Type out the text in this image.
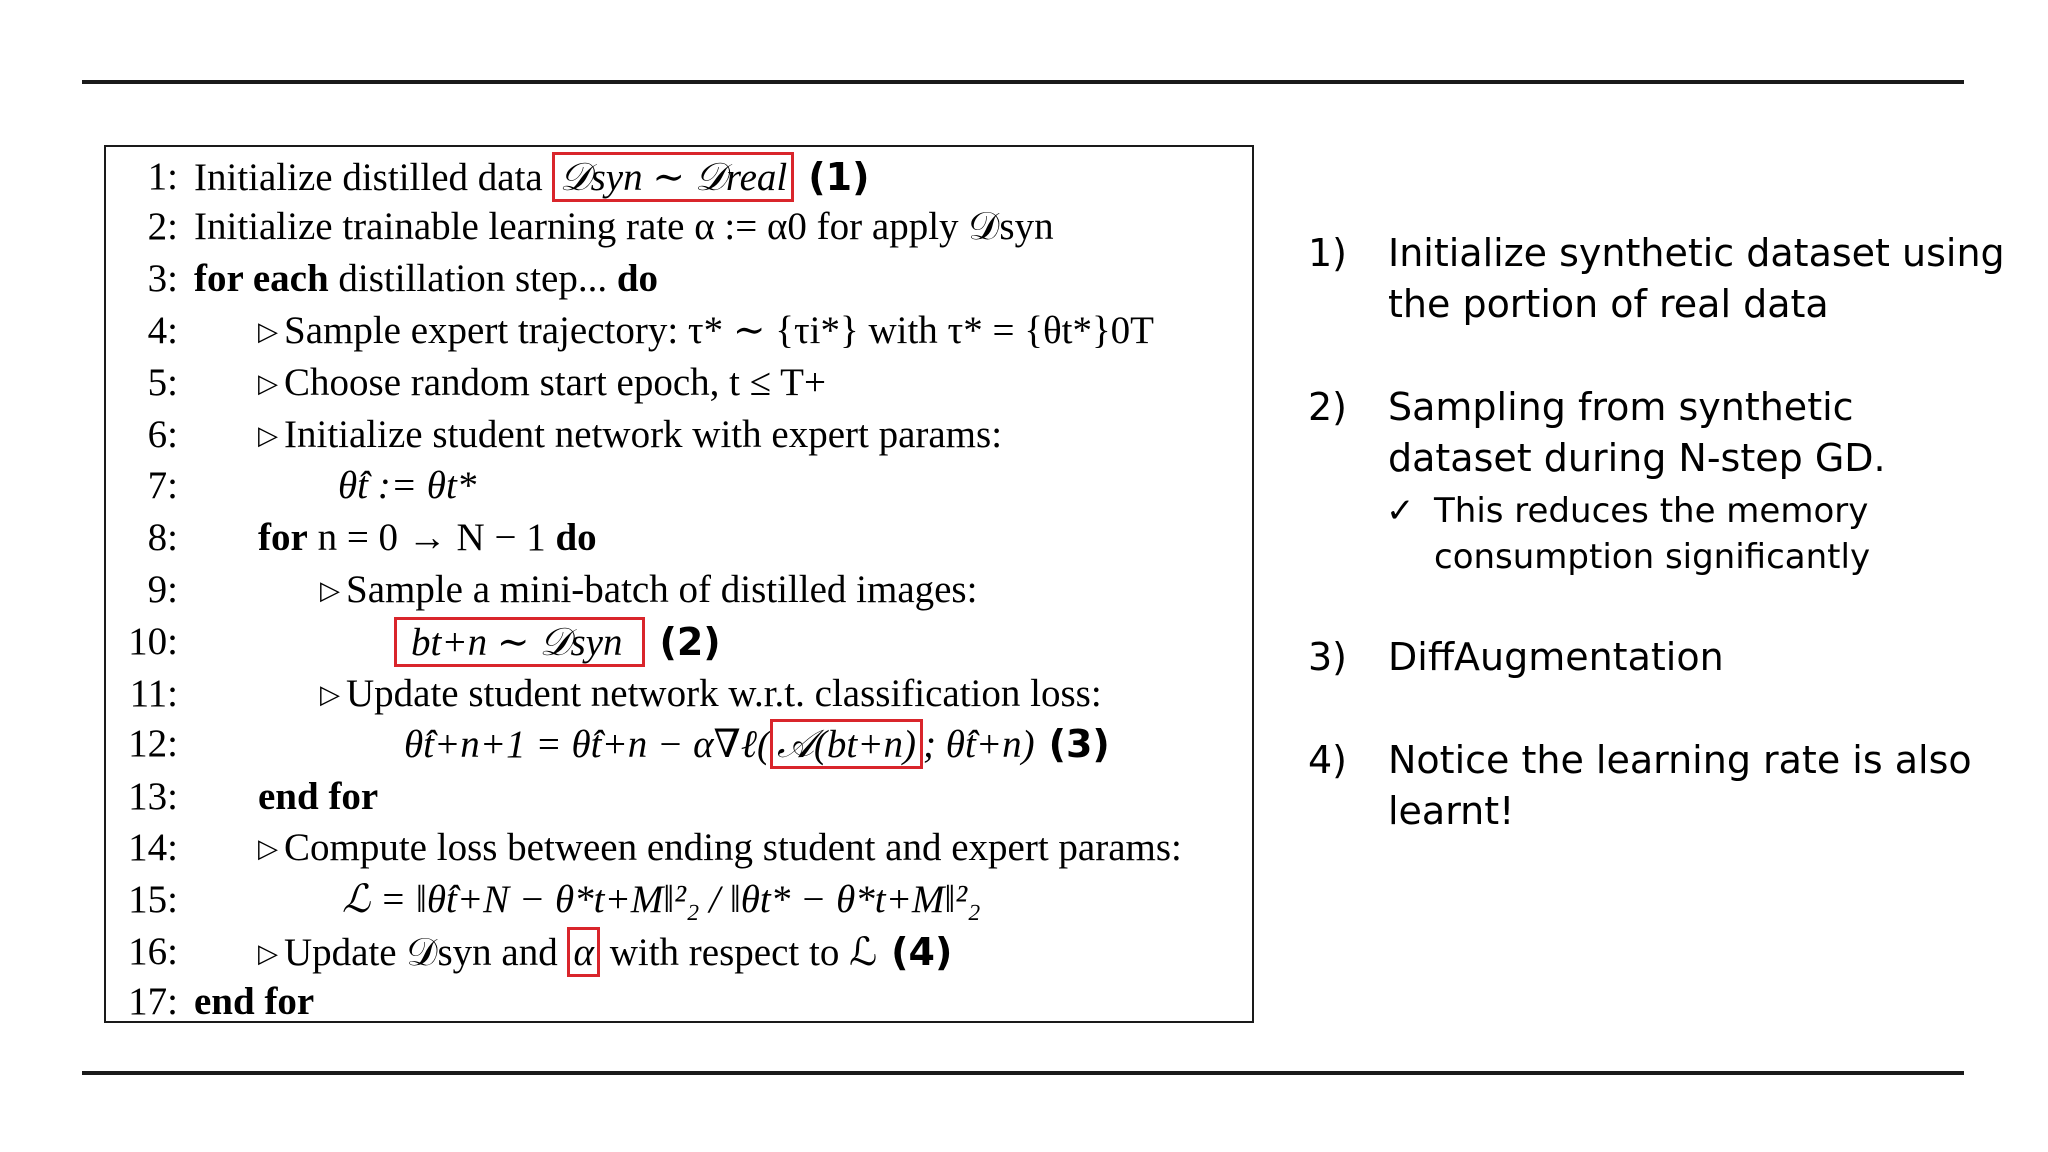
1: Initialize distilled data 𝒟syn ∼ 𝒟real (1)
2: Initialize trainable learning rate α := α0 for apply 𝒟syn
3: for each distillation step... do
4:	▷ Sample expert trajectory: τ* ∼ {τi*} with τ* = {θt*}0T
5:	▷ Choose random start epoch, t ≤ T+
6:	▷ Initialize student network with expert params:
7:	θ̂t := θt*
8: for n = 0 → N − 1 do
9:	▷ Sample a mini-batch of distilled images:
10:	bt+n ∼ 𝒟syn (2)
11:	▷ Update student network w.r.t. classification loss:
12:	θ̂t+n+1 = θ̂t+n − α∇ℓ( 𝒜(bt+n) ; θ̂t+n) (3)
13: end for
14:	▷ Compute loss between ending student and expert params:
15:	ℒ = ‖θ̂t+N − θ*t+M‖²₂ / ‖θt* − θ*t+M‖²₂
16:	▷ Update 𝒟syn and α with respect to ℒ (4)
17: end for
1) Initialize synthetic dataset using the portion of real data
2) Sampling from synthetic dataset during N-step GD.
✓ This reduces the memory consumption significantly
3) DiffAugmentation
4) Notice the learning rate is also learnt!
